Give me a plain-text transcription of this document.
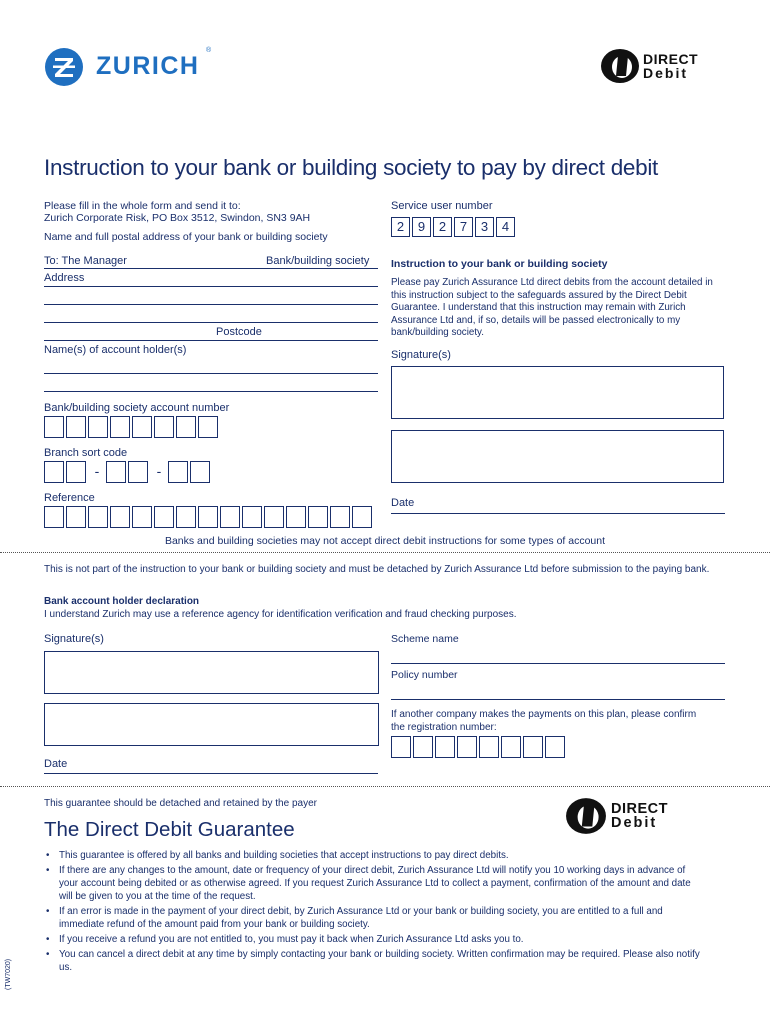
ZURICH
®
DIRECT
Debit
Instruction to your bank or building society to pay by direct debit
Please fill in the whole form and send it to:
Zurich Corporate Risk, PO Box 3512, Swindon, SN3 9AH
Name and full postal address of your bank or building society
To: The Manager	Bank/building society
Address
Postcode
Name(s) of account holder(s)
Bank/building society account number
Branch sort code
-	-
Reference
Service user number
2	9	2	7	3	4
Instruction to your bank or building society
Please pay Zurich Assurance Ltd direct debits from the account detailed in this instruction subject to the safeguards assured by the Direct Debit Guarantee. I understand that this instruction may remain with Zurich Assurance Ltd and, if so, details will be passed electronically to my bank/building society.
Signature(s)
Date
Banks and building societies may not accept direct debit instructions for some types of account
This is not part of the instruction to your bank or building society and must be detached by Zurich Assurance Ltd before submission to the paying bank.
Bank account holder declaration
I understand Zurich may use a reference agency for identification verification and fraud checking purposes.
Signature(s)
Date
Scheme name
Policy number
If another company makes the payments on this plan, please confirm the registration number:
This guarantee should be detached and retained by the payer	DIRECT
Debit
The Direct Debit Guarantee
• This guarantee is offered by all banks and building societies that accept instructions to pay direct debits.
• If there are any changes to the amount, date or frequency of your direct debit, Zurich Assurance Ltd will notify you 10 working days in advance of your account being debited or as otherwise agreed. If you request Zurich Assurance Ltd to collect a payment, confirmation of the amount and date will be given to you at the time of the request.
• If an error is made in the payment of your direct debit, by Zurich Assurance Ltd or your bank or building society, you are entitled to a full and immediate refund of the amount paid from your bank or building society.
• If you receive a refund you are not entitled to, you must pay it back when Zurich Assurance Ltd asks you to.
• You can cancel a direct debit at any time by simply contacting your bank or building society. Written confirmation may be required. Please also notify us.
(TW7020)
